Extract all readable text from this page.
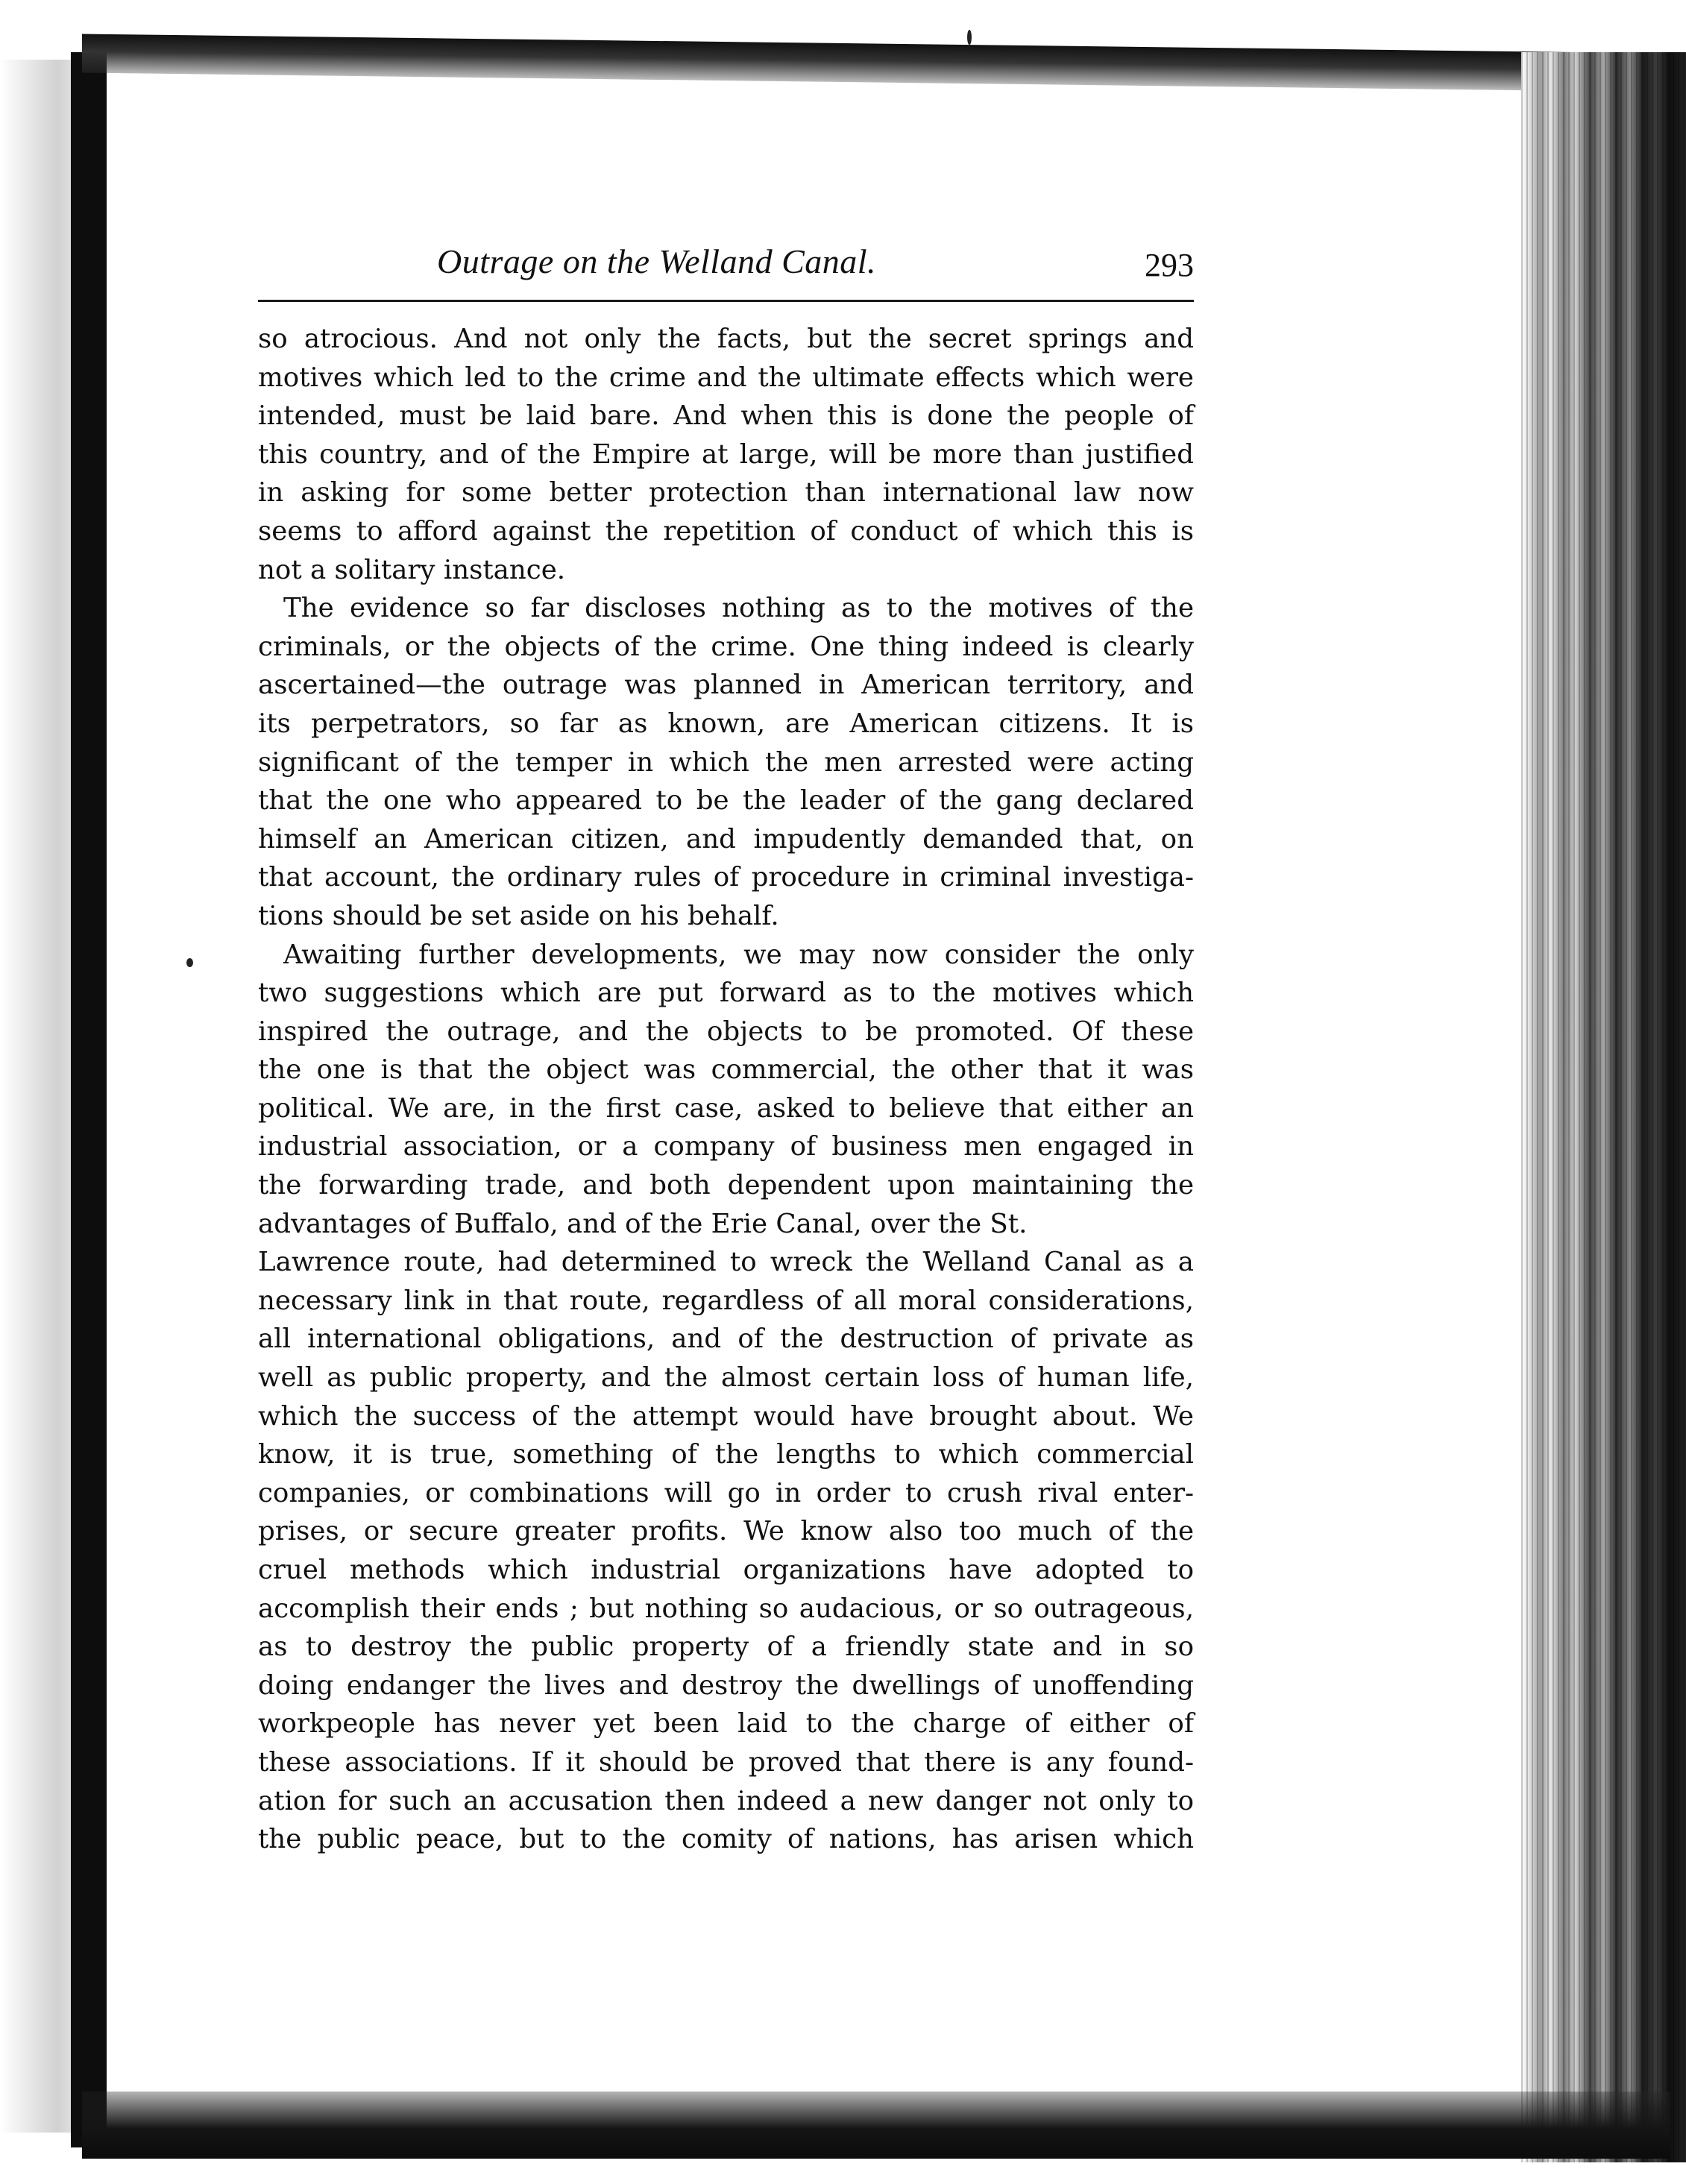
Outrage on the Welland Canal.	293
so atrocious. And not only the facts, but the secret springs and
motives which led to the crime and the ultimate effects which were
intended, must be laid bare. And when this is done the people of
this country, and of the Empire at large, will be more than justified
in asking for some better protection than international law now
seems to afford against the repetition of conduct of which this is
not a solitary instance.
The evidence so far discloses nothing as to the motives of the
criminals, or the objects of the crime. One thing indeed is clearly
ascertained—the outrage was planned in American territory, and
its perpetrators, so far as known, are American citizens. It is
significant of the temper in which the men arrested were acting
that the one who appeared to be the leader of the gang declared
himself an American citizen, and impudently demanded that, on
that account, the ordinary rules of procedure in criminal investiga-
tions should be set aside on his behalf.
Awaiting further developments, we may now consider the only
two suggestions which are put forward as to the motives which
inspired the outrage, and the objects to be promoted. Of these
the one is that the object was commercial, the other that it was
political. We are, in the first case, asked to believe that either an
industrial association, or a company of business men engaged in
the forwarding trade, and both dependent upon maintaining the
advantages of Buffalo, and of the Erie Canal, over the St.
Lawrence route, had determined to wreck the Welland Canal as a
necessary link in that route, regardless of all moral considerations,
all international obligations, and of the destruction of private as
well as public property, and the almost certain loss of human life,
which the success of the attempt would have brought about. We
know, it is true, something of the lengths to which commercial
companies, or combinations will go in order to crush rival enter-
prises, or secure greater profits. We know also too much of the
cruel methods which industrial organizations have adopted to
accomplish their ends ; but nothing so audacious, or so outrageous,
as to destroy the public property of a friendly state and in so
doing endanger the lives and destroy the dwellings of unoffending
workpeople has never yet been laid to the charge of either of
these associations. If it should be proved that there is any found-
ation for such an accusation then indeed a new danger not only to
the public peace, but to the comity of nations, has arisen which
